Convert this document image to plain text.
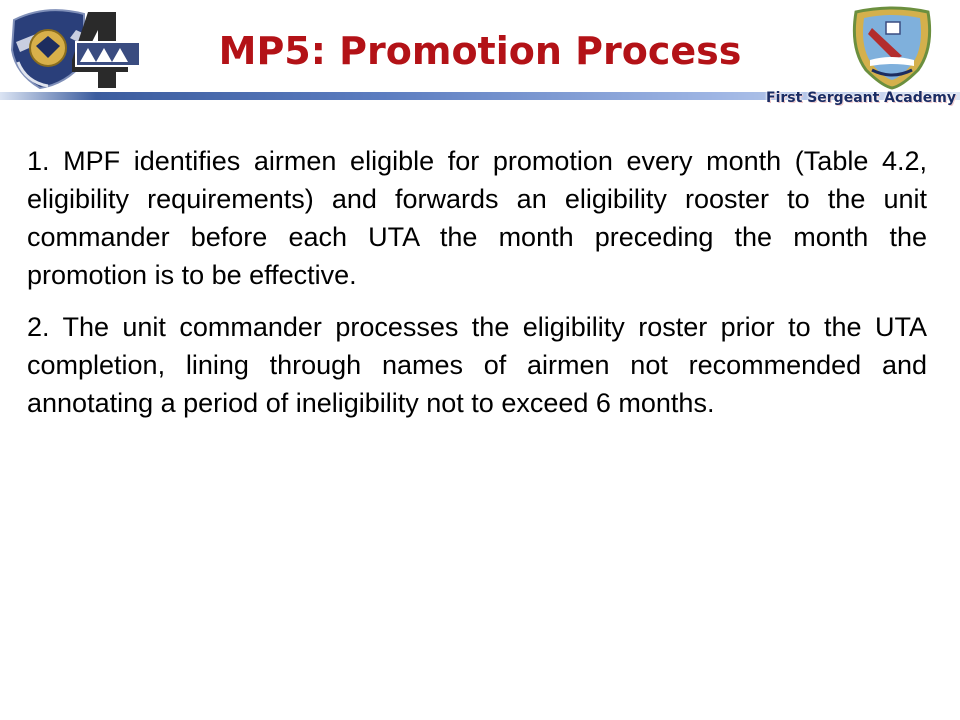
MP5: Promotion Process
First Sergeant Academy

1. MPF identifies airmen eligible for promotion every month (Table 4.2, eligibility requirements) and forwards an eligibility rooster to the unit commander before each UTA the month preceding the month the promotion is to be effective.

2. The unit commander processes the eligibility roster prior to the UTA completion, lining through names of airmen not recommended and annotating a period of ineligibility not to exceed 6 months.
